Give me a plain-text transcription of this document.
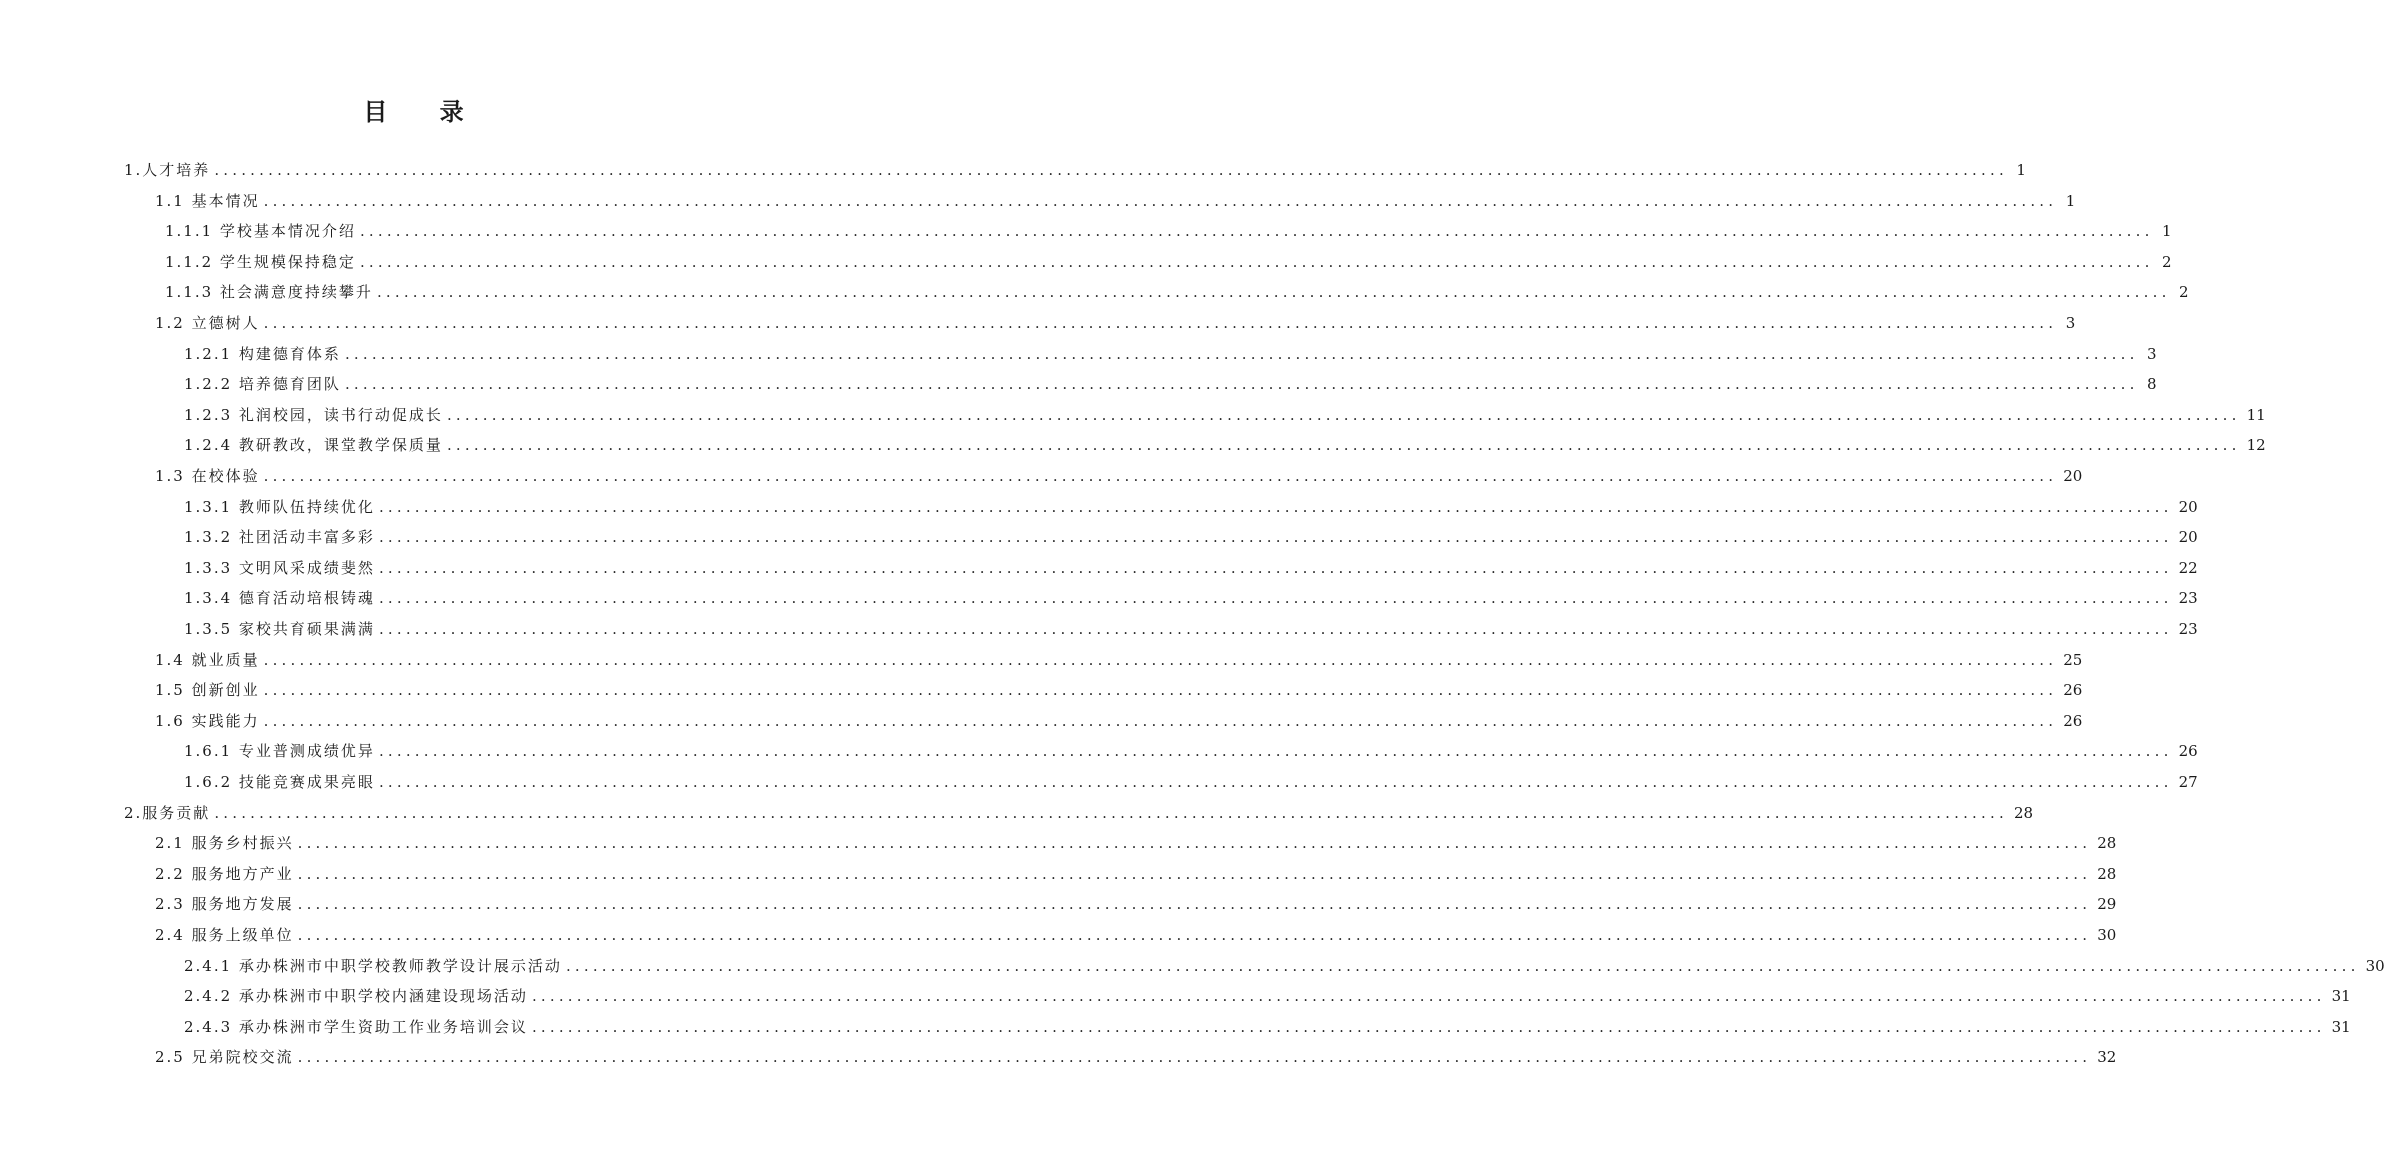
目 录
1.人才培养 ........................................................................................................................................................................................................ 1
1.1 基本情况 ........................................................................................................................................................................................................ 1
1.1.1 学校基本情况介绍 ........................................................................................................................................................................................................ 1
1.1.2 学生规模保持稳定 ........................................................................................................................................................................................................ 2
1.1.3 社会满意度持续攀升 ........................................................................................................................................................................................................ 2
1.2 立德树人 ........................................................................................................................................................................................................ 3
1.2.1 构建德育体系 ........................................................................................................................................................................................................ 3
1.2.2 培养德育团队 ........................................................................................................................................................................................................ 8
1.2.3 礼润校园，读书行动促成长 ........................................................................................................................................................................................................ 11
1.2.4 教研教改，课堂教学保质量 ........................................................................................................................................................................................................ 12
1.3 在校体验 ........................................................................................................................................................................................................ 20
1.3.1 教师队伍持续优化 ........................................................................................................................................................................................................ 20
1.3.2 社团活动丰富多彩 ........................................................................................................................................................................................................ 20
1.3.3 文明风采成绩斐然 ........................................................................................................................................................................................................ 22
1.3.4 德育活动培根铸魂 ........................................................................................................................................................................................................ 23
1.3.5 家校共育硕果满满 ........................................................................................................................................................................................................ 23
1.4 就业质量 ........................................................................................................................................................................................................ 25
1.5 创新创业 ........................................................................................................................................................................................................ 26
1.6 实践能力 ........................................................................................................................................................................................................ 26
1.6.1 专业普测成绩优异 ........................................................................................................................................................................................................ 26
1.6.2 技能竞赛成果亮眼 ........................................................................................................................................................................................................ 27
2.服务贡献 ........................................................................................................................................................................................................ 28
2.1 服务乡村振兴 ........................................................................................................................................................................................................ 28
2.2 服务地方产业 ........................................................................................................................................................................................................ 28
2.3 服务地方发展 ........................................................................................................................................................................................................ 29
2.4 服务上级单位 ........................................................................................................................................................................................................ 30
2.4.1 承办株洲市中职学校教师教学设计展示活动 ........................................................................................................................................................................................................ 30
2.4.2 承办株洲市中职学校内涵建设现场活动 ........................................................................................................................................................................................................ 31
2.4.3 承办株洲市学生资助工作业务培训会议 ........................................................................................................................................................................................................ 31
2.5 兄弟院校交流 ........................................................................................................................................................................................................ 32
